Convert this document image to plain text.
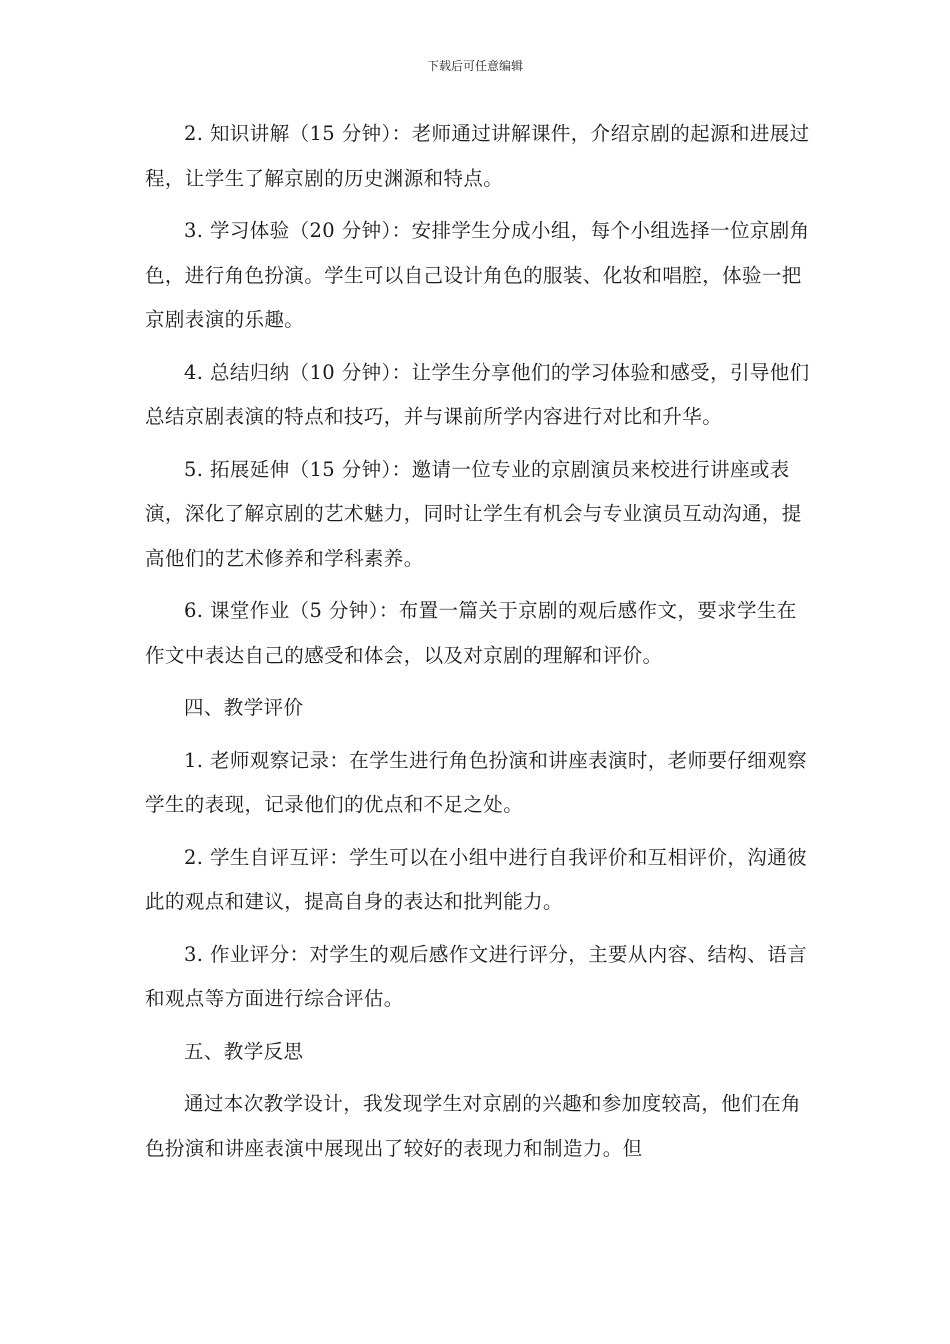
下载后可任意编辑

2. 知识讲解（15 分钟）：老师通过讲解课件，介绍京剧的起源和进展过程，让学生了解京剧的历史渊源和特点。

3. 学习体验（20 分钟）：安排学生分成小组，每个小组选择一位京剧角色，进行角色扮演。学生可以自己设计角色的服装、化妆和唱腔，体验一把京剧表演的乐趣。

4. 总结归纳（10 分钟）：让学生分享他们的学习体验和感受，引导他们总结京剧表演的特点和技巧，并与课前所学内容进行对比和升华。

5. 拓展延伸（15 分钟）：邀请一位专业的京剧演员来校进行讲座或表演，深化了解京剧的艺术魅力，同时让学生有机会与专业演员互动沟通，提高他们的艺术修养和学科素养。

6. 课堂作业（5 分钟）：布置一篇关于京剧的观后感作文，要求学生在作文中表达自己的感受和体会，以及对京剧的理解和评价。

四、教学评价

1. 老师观察记录：在学生进行角色扮演和讲座表演时，老师要仔细观察学生的表现，记录他们的优点和不足之处。

2. 学生自评互评：学生可以在小组中进行自我评价和互相评价，沟通彼此的观点和建议，提高自身的表达和批判能力。

3. 作业评分：对学生的观后感作文进行评分，主要从内容、结构、语言和观点等方面进行综合评估。

五、教学反思

通过本次教学设计，我发现学生对京剧的兴趣和参加度较高，他们在角色扮演和讲座表演中展现出了较好的表现力和制造力。但
